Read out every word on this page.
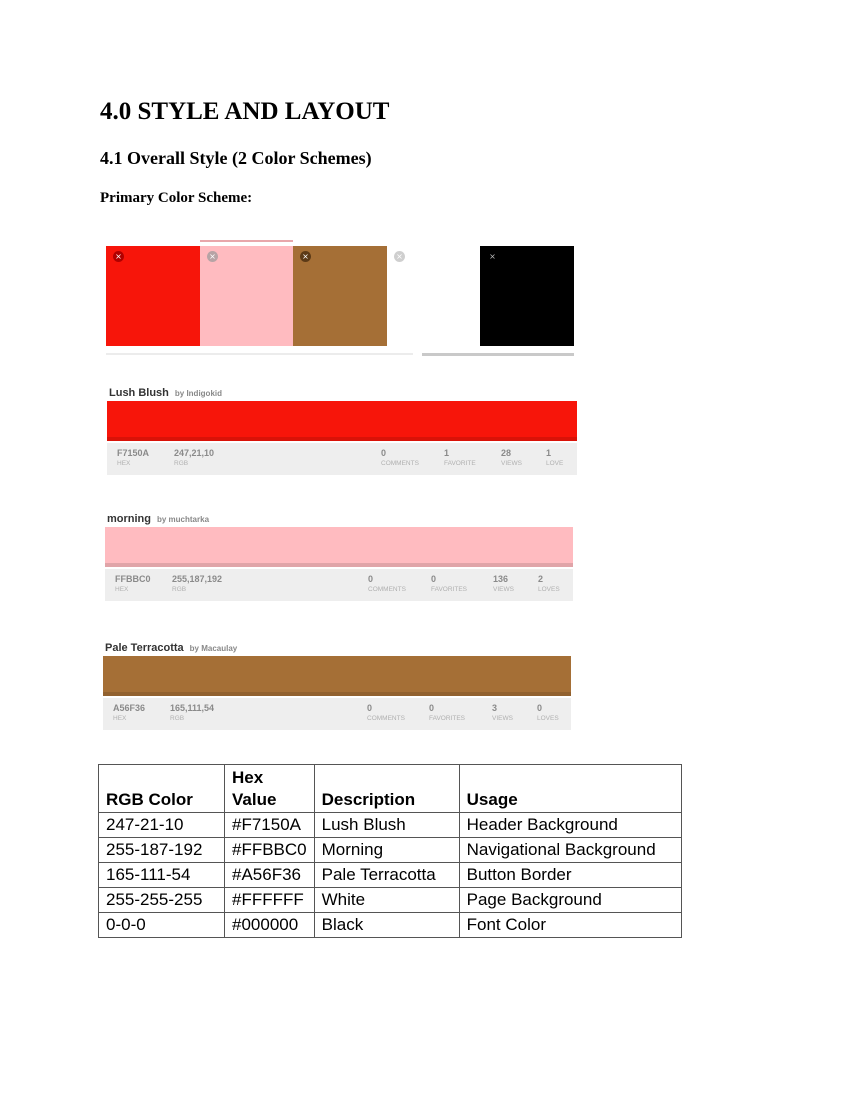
4.0 STYLE AND LAYOUT
4.1 Overall Style (2 Color Schemes)
Primary Color Scheme:
×	×	×	×	×
Lush Blush by Indigokid
F7150A
HEX
247,21,10
RGB
0
COMMENTS
1
FAVORITE
28
VIEWS
1
LOVE
morning by muchtarka
FFBBC0
HEX
255,187,192
RGB
0
COMMENTS
0
FAVORITES
136
VIEWS
2
LOVES
Pale Terracotta by Macaulay
A56F36
HEX
165,111,54
RGB
0
COMMENTS
0
FAVORITES
3
VIEWS
0
LOVES
RGB Color	Hex Value	Description	Usage
247-21-10	#F7150A	Lush Blush	Header Background
255-187-192	#FFBBC0	Morning	Navigational Background
165-111-54	#A56F36	Pale Terracotta	Button Border
255-255-255	#FFFFFF	White	Page Background
0-0-0	#000000	Black	Font Color
